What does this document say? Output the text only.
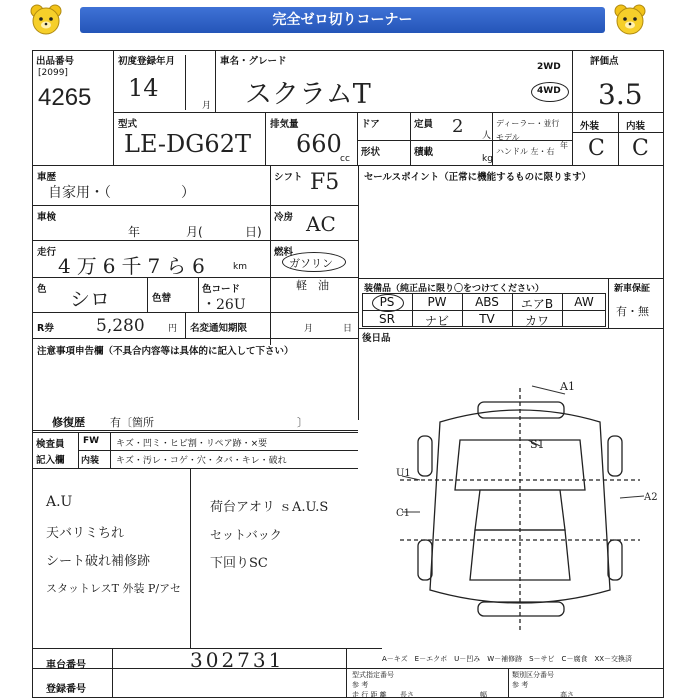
完全ゼロ切りコーナー
出品番号
[2099]
4265
初度登録年月
14
月
車名・グレード
スクラムT
2WD
4WD
評価点
3.5
型式
LE-DG62T
排気量
660
cc
ドア	定員 2 人
形状	積載
kg
ディーラー・並行
モデル
ハンドル 左・右
年
外装	内装
C C
車歴
自家用・（　　　　　）
シフト F5
車検
年	月(	日)
冷房 AC
走行
4万6千7ら6 km
燃料
ガソリン
軽　油
色 シロ	色替
色コード
・26U
R券 5,280	円 名変通知期限	月	日
注意事項申告欄（不具合内容等は具体的に記入して下さい）
修復歴 有〔箇所　　　　　　　　　　　　　〕
セールスポイント（正常に機能するものに限ります）
装備品（純正品に限り〇をつけてください）	新車保証
有・無
PS	PW	ABS	エアB	AW
SR	ナビ	TV	カワ
後日品
検査員
記入欄
FW キズ・凹ミ・ヒビ割・リペア跡・×要
内装 キズ・汚レ・コゲ・穴・タバ・キレ・破れ
A.U
天バリミちれ
シート破れ補修跡
スタットレスT 外装 P/アセ
荷台アオリ ｓA.U.S
セットバック
下回りSC
A1
S1
U1
C1
A2
A－キズ　E－エクボ　U－凹み　W－補修跡　S－サビ　C－腐食　XX－交換済
車台番号	302731
登録番号
型式指定番号
参 考
類別区分番号
参 考
走 行 距 離 長さ	幅	高さ
